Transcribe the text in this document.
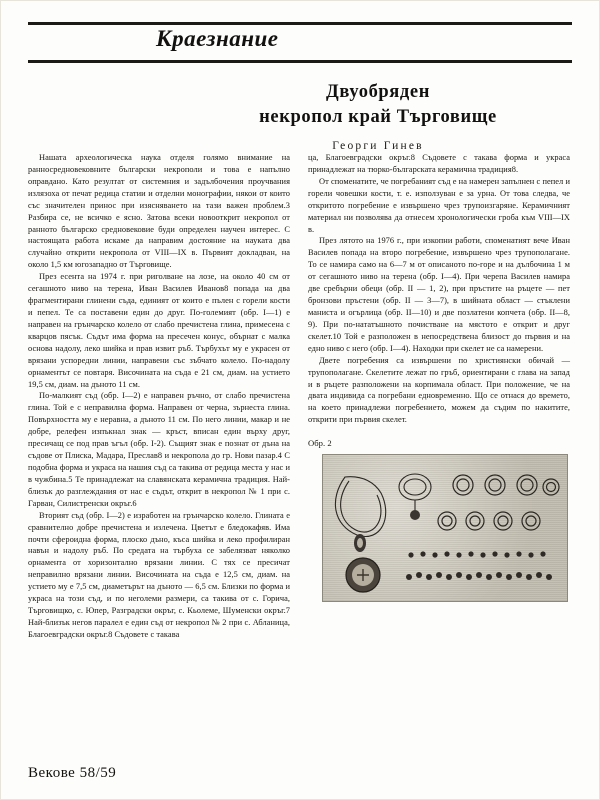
Краезнание
Двуобряден
некропол край Търговище
Георги Гинев

Нашата археологическа наука отделя голямо внимание на ранносредновековните български некрополи и това е напълно оправдано. Като резултат от системния и задълбочения проучвания излязоха от печат редица статии и отделни монографии, някои от които със значителен принос при изясняването на тази важен проблем.3 Разбира се, не всичко е ясно. Затова всеки новооткрит некропол от ранното българско средновековие буди определен научен интерес. С настоящата работа искаме да направим достояние на науката два случайно открити некропола от VIII—IX в. Първият докладван, на около 1,5 км югозападно от Търговище.

През есента на 1974 г. при риголване на лозе, на около 40 см от сегашното ниво на терена, Иван Василев Иванов8 попада на два фрагментирани глинени съда, единият от които е пълен с горели кости и пепел. Те са поставени един до друг. По-големият (обр. I—1) е направен на грънчарско колело от слабо пречистена глина, примесена с кварцов пясък. Съдът има форма на пресечен конус, обърнат с малка основа надолу, леко шийка и прав извит ръб. Търбухът му е украсен от врязани успоредни линии, направени със зъбчато колело. По-надолу орнаментът се повтаря. Височината на съда е 21 см, диам. на устието 19,5 см, диам. на дъното 11 см.

По-малкият съд (обр. I—2) е направен ръчно, от слабо пречистена глина. Той е с неправилна форма. Направен от черна, зърнеста глина. Повърхността му е неравна, а дъното 11 см. По него линии, макар и не добре, релефен изпъкнал знак — кръст, вписан един върху друг, пресичащ се под прав ъгъл (обр. I-2). Същият знак е познат от дъна на съдове от Плиска, Мадара, Преслав8 и некропола до гр. Нови пазар.4 С подобна форма и украса на нашия съд са такива от редица места у нас и в чужбина.5 Те принадлежат на славянската керамична традиция. Най-близък до разглеждания от нас е съдът, открит в некропол № 1 при с. Гарван, Силистренски окръг.6

Вторият съд (обр. I—2) е изработен на грънчарско колело. Глината е сравнително добре пречистена и излечена. Цветът е бледокафяв. Има почти сфероидна форма, плоско дъно, къса шийка и леко профилиран навън и надолу ръб. По средата на търбуха се забелязват няколко орнамента от хоризонтално врязани линии. С тях се пресичат неправилно врязани линии. Височината на съда е 12,5 см, диам. на устието му е 7,5 см, диаметърът на дъното — 6,5 см. Близки по форма и украса на този съд, и по неголеми размери, са такива от с. Горича, Търговищко, с. Юпер, Разградски окръг, с. Кьолеме, Шуменски окръг.7 Най-близък негов паралел е един съд от некропол № 2 при с. Абланица, Благоевградски окръг.8 Съдовете с такава

ца, Благоевградски окръг.8 Съдовете с такава форма и украса принадлежат на тюрко-българската керамична традиция8.

От споменатите, че погребаният съд е на намерен запълнен с пепел и горели човешки кости, т. е. използуван е за урна. От това следва, че откритото погребение е извършено чрез трупоизгаряне. Керамичният материал ни позволява да отнесем хронологически гроба към VIII—IX в.

През лятото на 1976 г., при изкопни работи, споменатият вече Иван Василев попада на второ погребение, извършено чрез трупополагане. То се намира само на 6—7 м от описаното по-горе и на дълбочина 1 м от сегашното ниво на терена (обр. I—4). При черепа Василев намира две сребърни обеци (обр. II — 1, 2), при пръстите на ръцете — пет бронзови пръстени (обр. II — 3—7), в шийната област — стъклени маниста и огърлица (обр. II—10) и две позлатени копчета (обр. II—8, 9). При по-нататъшното почистване на мястото е открит и друг скелет.10 Той е разположен в непосредствена близост до първия и на едно ниво с него (обр. I—4). Находки при скелет не са намерени.

Двете погребения са извършени по християнски обичай — трупополагане. Скелетите лежат по гръб, ориентирани с глава на запад и в ръцете разположени на корпимала област. При положение, че на двата индивида са погребани едновременно. Що се отнася до времето, на което принадлежи погребението, можем да съдим по накитите, открити при първия скелет.

Обр. 2
Векове 58/59
